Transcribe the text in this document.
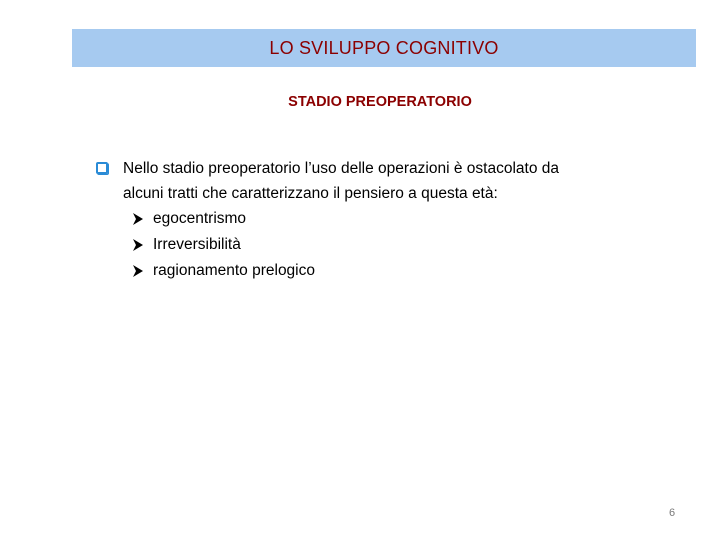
LO SVILUPPO COGNITIVO
STADIO PREOPERATORIO
Nello stadio preoperatorio l’uso delle operazioni è ostacolato da
alcuni tratti che caratterizzano il pensiero a questa età:
egocentrismo
Irreversibilità
ragionamento prelogico
6
